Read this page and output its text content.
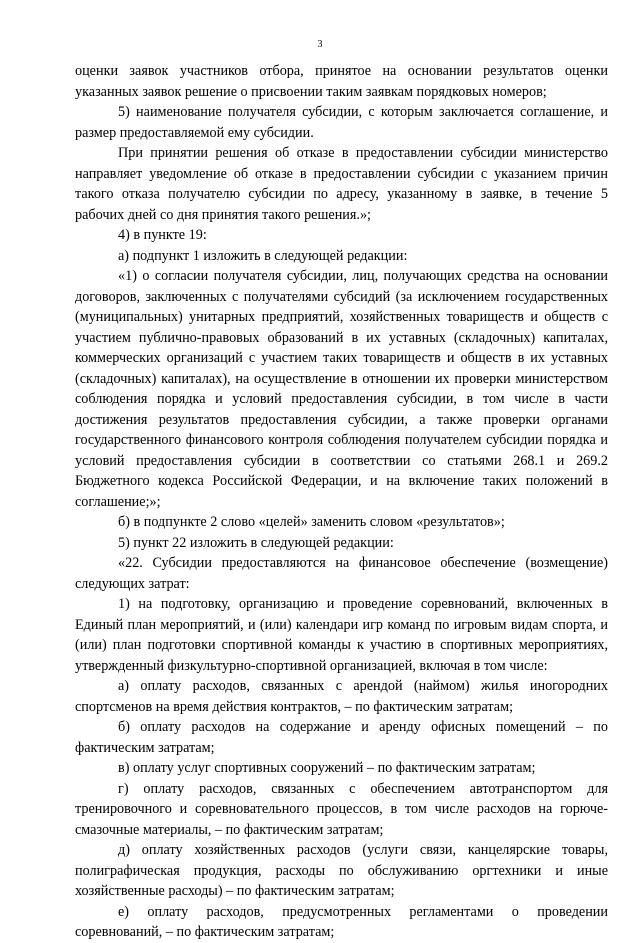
3

оценки заявок участников отбора, принятое на основании результатов оценки указанных заявок решение о присвоении таким заявкам порядковых номеров;

5) наименование получателя субсидии, с которым заключается соглашение, и размер предоставляемой ему субсидии.

При принятии решения об отказе в предоставлении субсидии министерство направляет уведомление об отказе в предоставлении субсидии с указанием причин такого отказа получателю субсидии по адресу, указанному в заявке, в течение 5 рабочих дней со дня принятия такого решения.»;

4) в пункте 19:

а) подпункт 1 изложить в следующей редакции:

«1) о согласии получателя субсидии, лиц, получающих средства на основании договоров, заключенных с получателями субсидий (за исключением государственных (муниципальных) унитарных предприятий, хозяйственных товариществ и обществ с участием публично-правовых образований в их уставных (складочных) капиталах, коммерческих организаций с участием таких товариществ и обществ в их уставных (складочных) капиталах), на осуществление в отношении их проверки министерством соблюдения порядка и условий предоставления субсидии, в том числе в части достижения результатов предоставления субсидии, а также проверки органами государственного финансового контроля соблюдения получателем субсидии порядка и условий предоставления субсидии в соответствии со статьями 268.1 и 269.2 Бюджетного кодекса Российской Федерации, и на включение таких положений в соглашение;»;

б) в подпункте 2 слово «целей» заменить словом «результатов»;

5) пункт 22 изложить в следующей редакции:

«22. Субсидии предоставляются на финансовое обеспечение (возмещение) следующих затрат:

1) на подготовку, организацию и проведение соревнований, включенных в Единый план мероприятий, и (или) календари игр команд по игровым видам спорта, и (или) план подготовки спортивной команды к участию в спортивных мероприятиях, утвержденный физкультурно-спортивной организацией, включая в том числе:

а) оплату расходов, связанных с арендой (наймом) жилья иногородних спортсменов на время действия контрактов, – по фактическим затратам;

б) оплату расходов на содержание и аренду офисных помещений – по фактическим затратам;

в) оплату услуг спортивных сооружений – по фактическим затратам;

г) оплату расходов, связанных с обеспечением автотранспортом для тренировочного и соревновательного процессов, в том числе расходов на горюче-смазочные материалы, – по фактическим затратам;

д) оплату хозяйственных расходов (услуги связи, канцелярские товары, полиграфическая продукция, расходы по обслуживанию оргтехники и иные хозяйственные расходы) – по фактическим затратам;

е) оплату расходов, предусмотренных регламентами о проведении соревнований, – по фактическим затратам;
